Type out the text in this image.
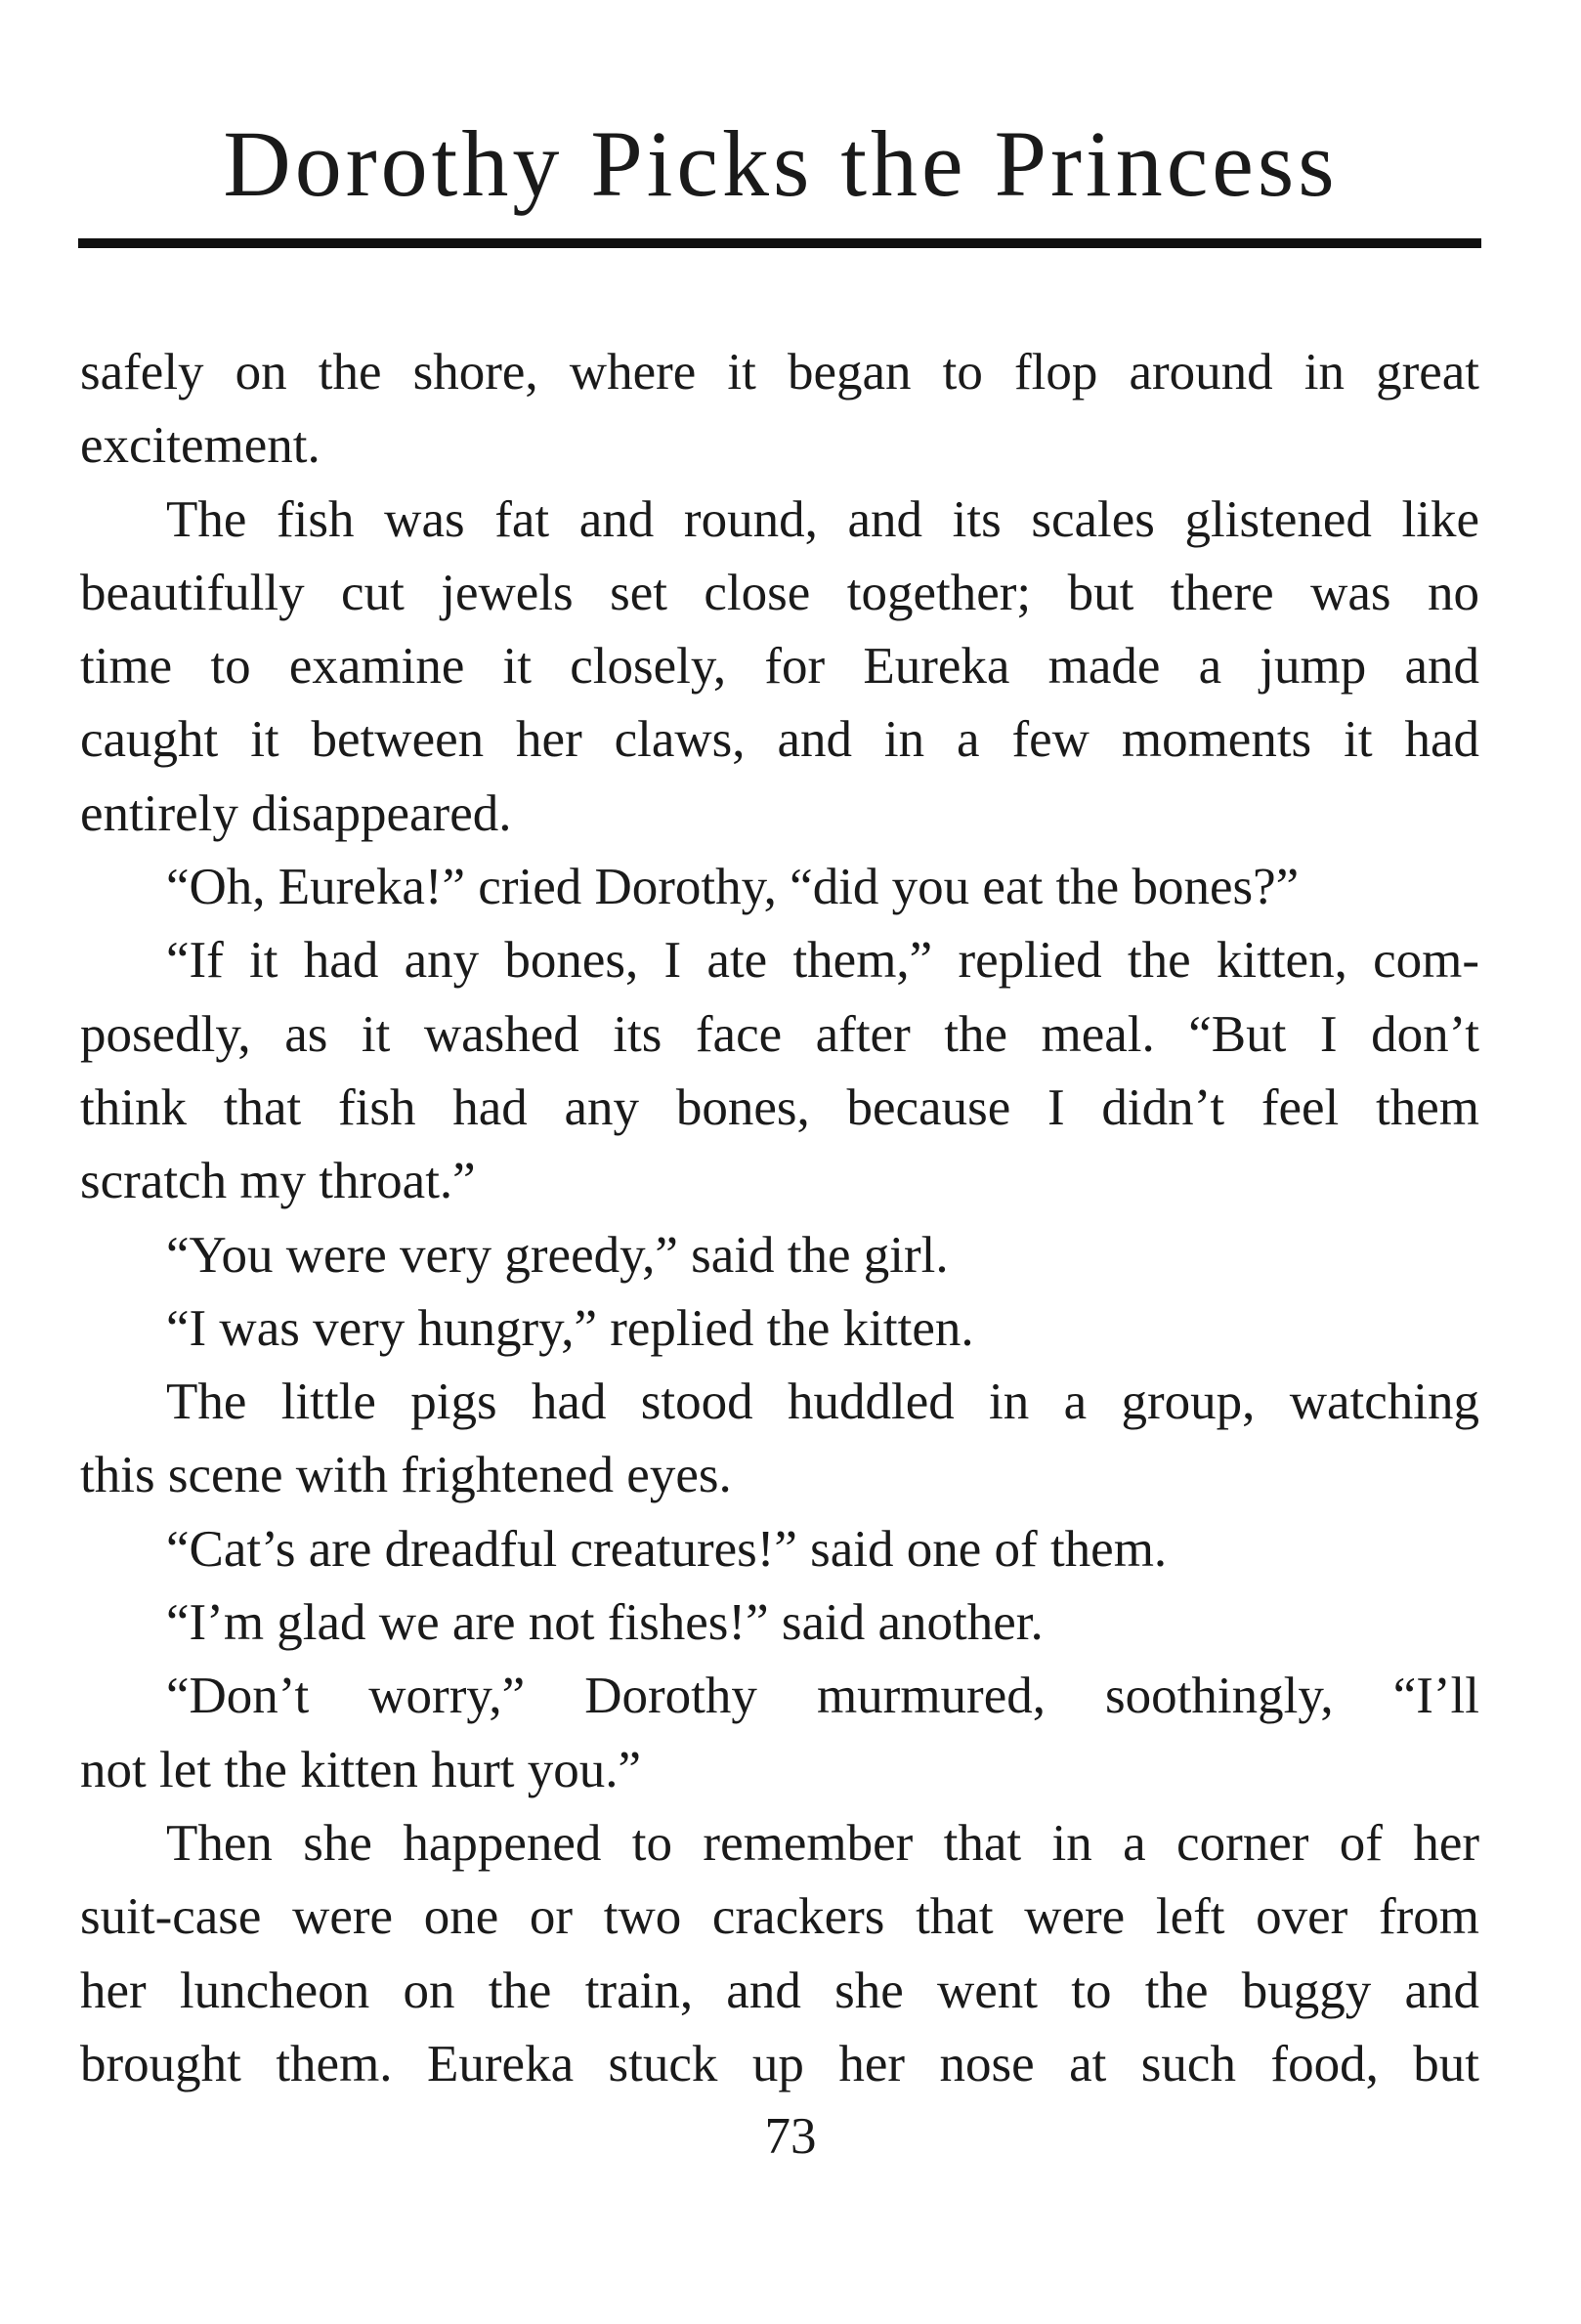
Dorothy Picks the Princess
safely on the shore, where it began to flop around in great
excitement.
The fish was fat and round, and its scales glistened like
beautifully cut jewels set close together; but there was no
time to examine it closely, for Eureka made a jump and
caught it between her claws, and in a few moments it had
entirely disappeared.
“Oh, Eureka!” cried Dorothy, “did you eat the bones?”
“If it had any bones, I ate them,” replied the kitten, com-
posedly, as it washed its face after the meal. “But I don’t
think that fish had any bones, because I didn’t feel them
scratch my throat.”
“You were very greedy,” said the girl.
“I was very hungry,” replied the kitten.
The little pigs had stood huddled in a group, watching
this scene with frightened eyes.
“Cat’s are dreadful creatures!” said one of them.
“I’m glad we are not fishes!” said another.
“Don’t worry,” Dorothy murmured, soothingly, “I’ll
not let the kitten hurt you.”
Then she happened to remember that in a corner of her
suit-case were one or two crackers that were left over from
her luncheon on the train, and she went to the buggy and
brought them. Eureka stuck up her nose at such food, but
73
